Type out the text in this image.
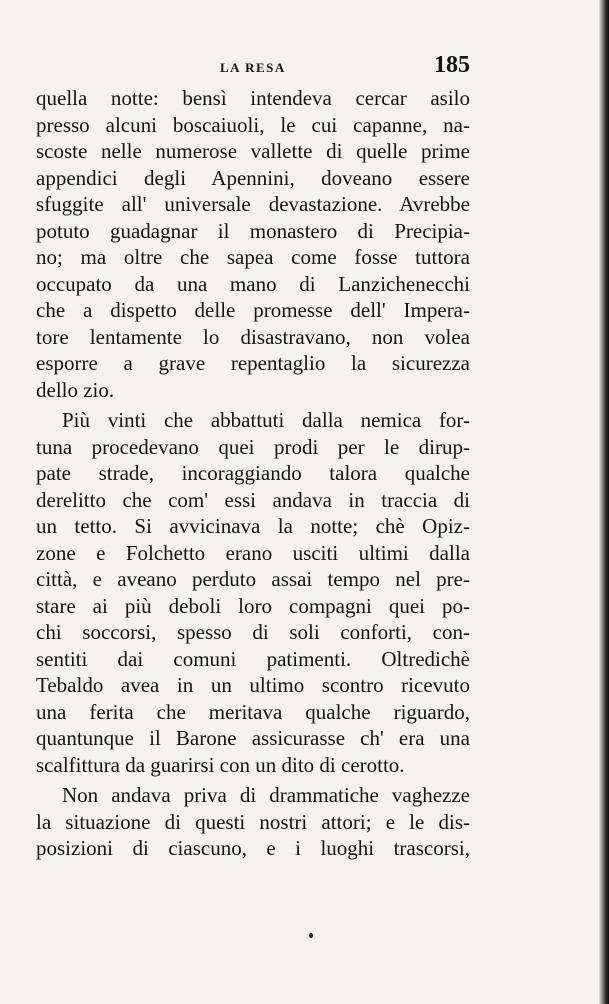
LA RESA	185
quella notte: bensì intendeva cercar asilo
presso alcuni boscaiuoli, le cui capanne, na-
scoste nelle numerose vallette di quelle prime
appendici degli Apennini, doveano essere
sfuggite all' universale devastazione. Avrebbe
potuto guadagnar il monastero di Precipia-
no; ma oltre che sapea come fosse tuttora
occupato da una mano di Lanzichenecchi
che a dispetto delle promesse dell' Impera-
tore lentamente lo disastravano, non volea
esporre a grave repentaglio la sicurezza
dello zio.
Più vinti che abbattuti dalla nemica for-
tuna procedevano quei prodi per le dirup-
pate strade, incoraggiando talora qualche
derelitto che com' essi andava in traccia di
un tetto. Si avvicinava la notte; chè Opiz-
zone e Folchetto erano usciti ultimi dalla
città, e aveano perduto assai tempo nel pre-
stare ai più deboli loro compagni quei po-
chi soccorsi, spesso di soli conforti, con-
sentiti dai comuni patimenti. Oltredichè
Tebaldo avea in un ultimo scontro ricevuto
una ferita che meritava qualche riguardo,
quantunque il Barone assicurasse ch' era una
scalfittura da guarirsi con un dito di cerotto.
Non andava priva di drammatiche vaghezze
la situazione di questi nostri attori; e le dis-
posizioni di ciascuno, e i luoghi trascorsi,
